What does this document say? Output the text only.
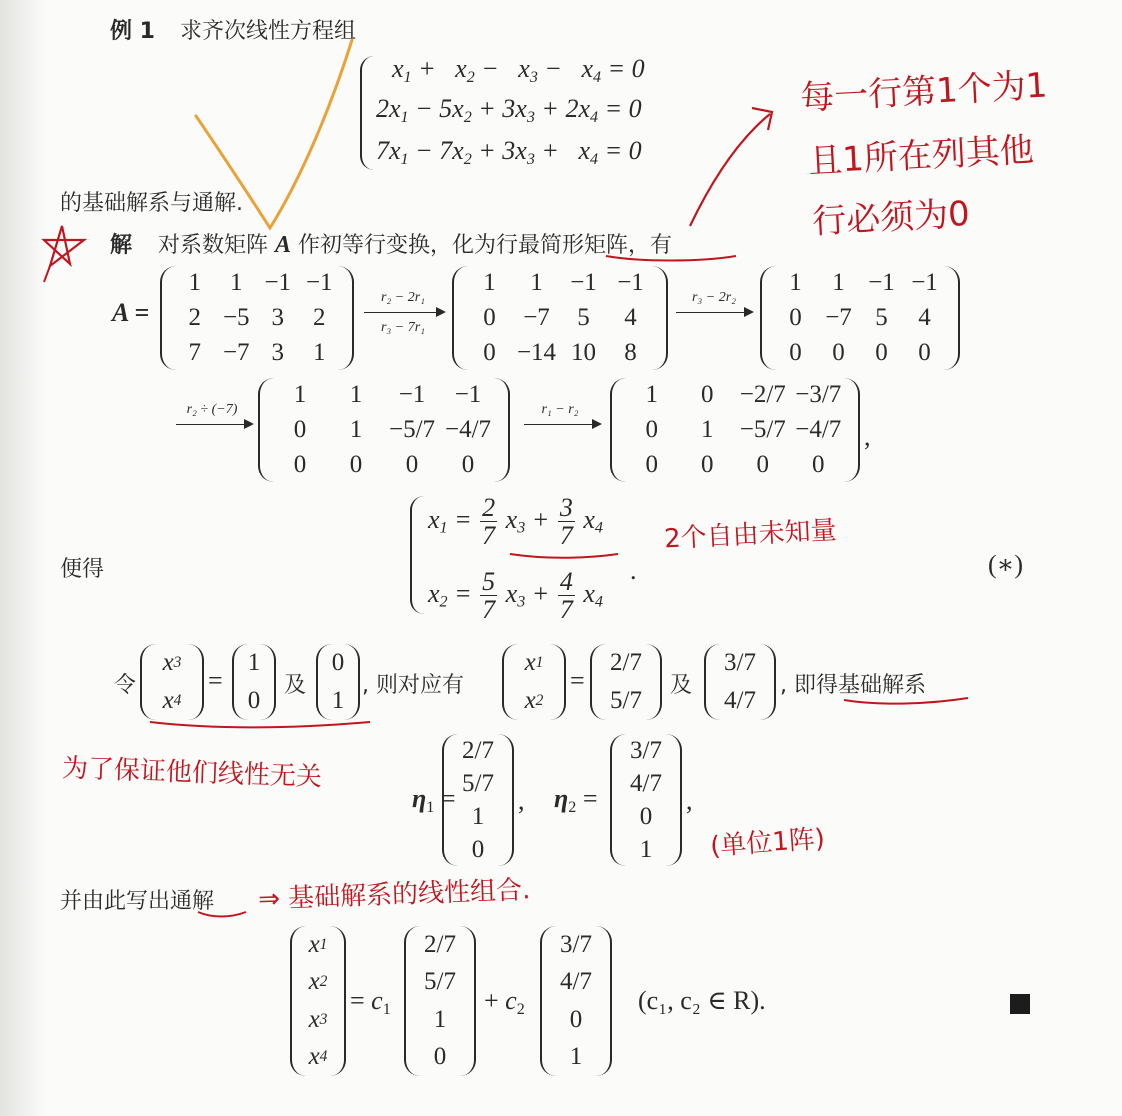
例 1 求齐次线性方程组
$x_1 + x_2 - x_3 - x_4 = 0$
$2x_1 - 5x_2 + 3x_3 + 2x_4 = 0$
$7x_1 - 7x_2 + 3x_3 + x_4 = 0$
的基础解系与通解.
解 对系数矩阵 A 作初等行变换，化为行最简形矩阵，有
A =
1	1 −1 −1
2 −5 3	2
7 −7 3	1
r₂ − 2r₁
r₃ − 7r₁
1	1	−1 −1
0	−7	5	4
0 −14 10	8
r₃ − 2r₂
1	1 −1 −1
0 −7 5	4
0	0	0	0
r₂ ÷ (−7)
1	1	−1	−1
0	1	−5/7 −4/7
0	0	0	0
r₁ − r₂
1	0	−2/7 −3/7
0	1	−5/7 −4/7
0	0	0	0
,
便得
$x_1 = \frac{2}{7} x_3 + \frac{3}{7} x_4$
$x_2 = \frac{5}{7} x_3 + \frac{4}{7} x_4$
.	(∗)
令
x 3
x 4
=
1
0
及
0
1
, 则对应有
x 1
x 2
=
2/7
5/7
及
3/7
4/7
, 即得基础解系
$\eta_1$ =
2/7
5/7
1
0
, $\eta_2$ =
3/7
4/7
0
1
,
并由此写出通解
x 1
x 2
x 3
x 4
= $c_1$
2/7
5/7
1
0
+ $c_2$
3/7
4/7
0
1
(c₁, c₂ ∈ R).
每一行第1个为1
且1所在列其他
行必须为0
2个自由未知量
为了保证他们线性无关
(单位1阵)
⇒ 基础解系的线性组合.
